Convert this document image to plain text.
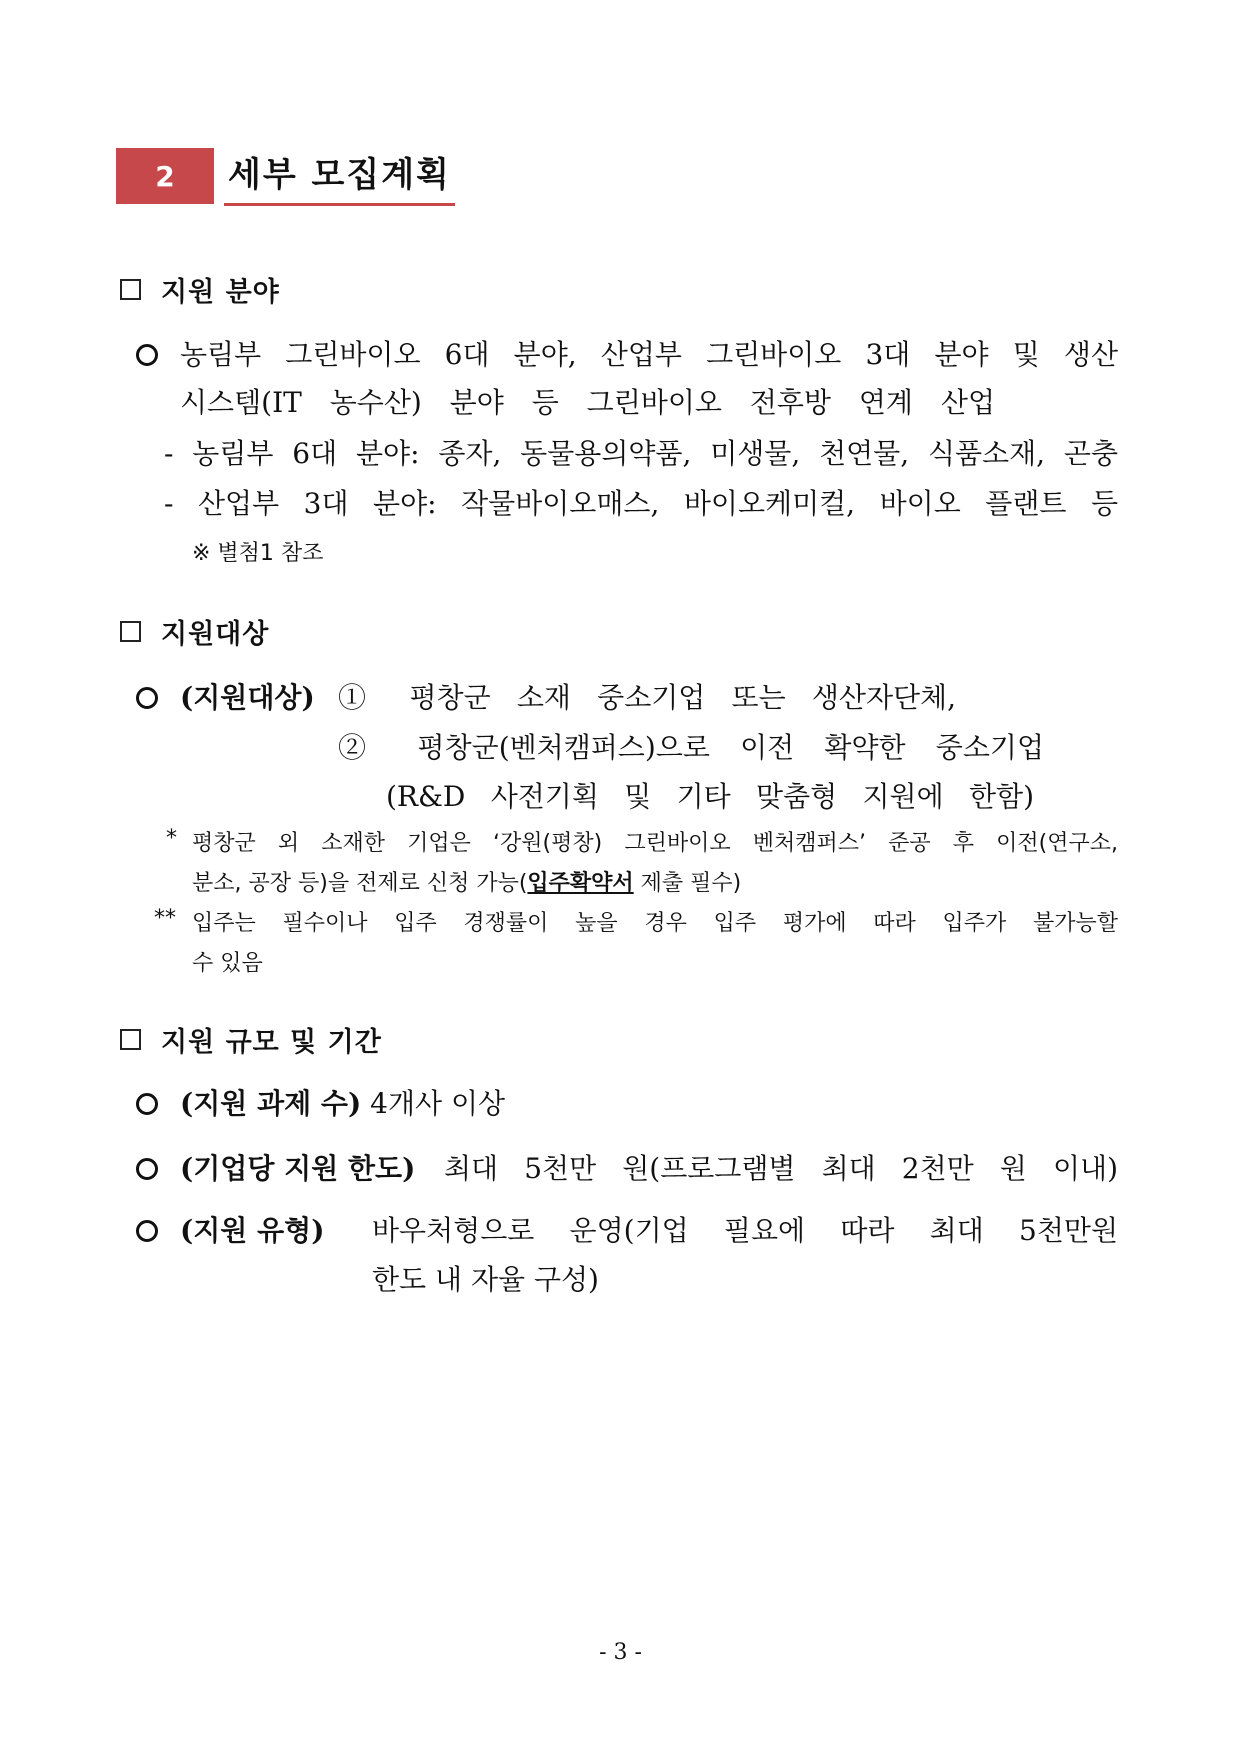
2	세부 모집계획
지원 분야
농림부 그린바이오 6대 분야, 산업부 그린바이오 3대 분야 및 생산
시스템(IT 농수산) 분야 등 그린바이오 전후방 연계 산업
- 농림부 6대 분야: 종자, 동물용의약품, 미생물, 천연물, 식품소재, 곤충
- 산업부 3대 분야: 작물바이오매스, 바이오케미컬, 바이오 플랜트 등
※ 별첨1 참조
지원대상
(지원대상) ① 평창군 소재 중소기업 또는 생산자단체,
② 평창군(벤처캠퍼스)으로 이전 확약한 중소기업
(R&D 사전기획 및 기타 맞춤형 지원에 한함)
* 평창군 외 소재한 기업은 ‘강원(평창) 그린바이오 벤처캠퍼스’ 준공 후 이전(연구소,
분소, 공장 등)을 전제로 신청 가능(입주확약서 제출 필수)
** 입주는 필수이나 입주 경쟁률이 높을 경우 입주 평가에 따라 입주가 불가능할
수 있음
지원 규모 및 기간
(지원 과제 수) 4개사 이상
(기업당 지원 한도) 최대 5천만 원(프로그램별 최대 2천만 원 이내)
(지원 유형) 바우처형으로 운영(기업 필요에 따라 최대 5천만원
한도 내 자율 구성)
- 3 -
